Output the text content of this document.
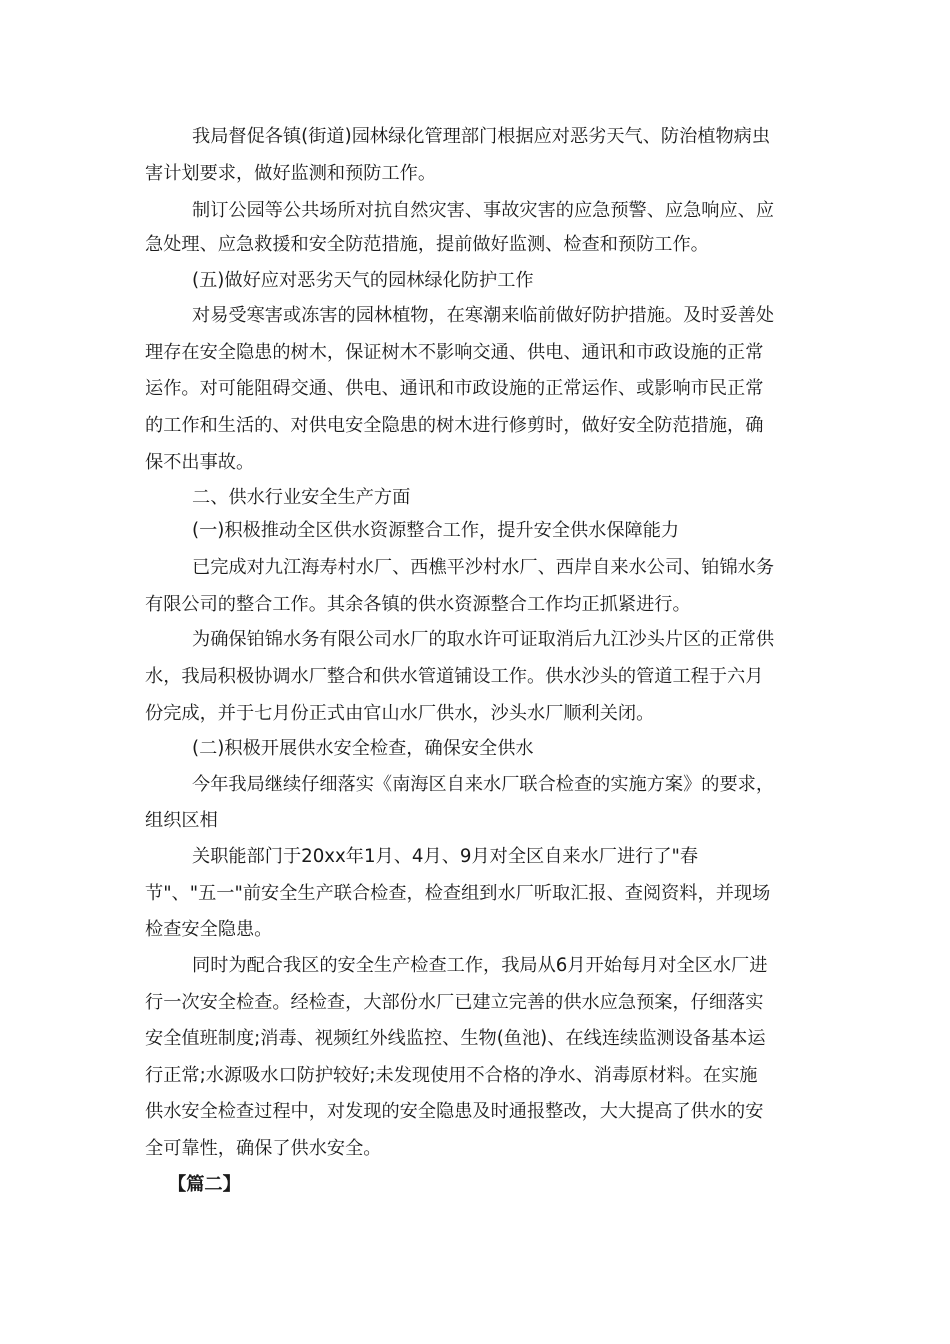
我局督促各镇(街道)园林绿化管理部门根据应对恶劣天气、防治植物病虫
害计划要求，做好监测和预防工作。
制订公园等公共场所对抗自然灾害、事故灾害的应急预警、应急响应、应
急处理、应急救援和安全防范措施，提前做好监测、检查和预防工作。
(五)做好应对恶劣天气的园林绿化防护工作
对易受寒害或冻害的园林植物，在寒潮来临前做好防护措施。及时妥善处
理存在安全隐患的树木，保证树木不影响交通、供电、通讯和市政设施的正常
运作。对可能阻碍交通、供电、通讯和市政设施的正常运作、或影响市民正常
的工作和生活的、对供电安全隐患的树木进行修剪时，做好安全防范措施，确
保不出事故。
二、供水行业安全生产方面
(一)积极推动全区供水资源整合工作，提升安全供水保障能力
已完成对九江海寿村水厂、西樵平沙村水厂、西岸自来水公司、铂锦水务
有限公司的整合工作。其余各镇的供水资源整合工作均正抓紧进行。
为确保铂锦水务有限公司水厂的取水许可证取消后九江沙头片区的正常供
水，我局积极协调水厂整合和供水管道铺设工作。供水沙头的管道工程于六月
份完成，并于七月份正式由官山水厂供水，沙头水厂顺利关闭。
(二)积极开展供水安全检查，确保安全供水
今年我局继续仔细落实《南海区自来水厂联合检查的实施方案》的要求，
组织区相
关职能部门于20xx年1月、4月、9月对全区自来水厂进行了"春
节"、"五一"前安全生产联合检查，检查组到水厂听取汇报、查阅资料，并现场
检查安全隐患。
同时为配合我区的安全生产检查工作，我局从6月开始每月对全区水厂进
行一次安全检查。经检查，大部份水厂已建立完善的供水应急预案，仔细落实
安全值班制度;消毒、视频红外线监控、生物(鱼池)、在线连续监测设备基本运
行正常;水源吸水口防护较好;未发现使用不合格的净水、消毒原材料。在实施
供水安全检查过程中，对发现的安全隐患及时通报整改，大大提高了供水的安
全可靠性，确保了供水安全。
【篇二】
